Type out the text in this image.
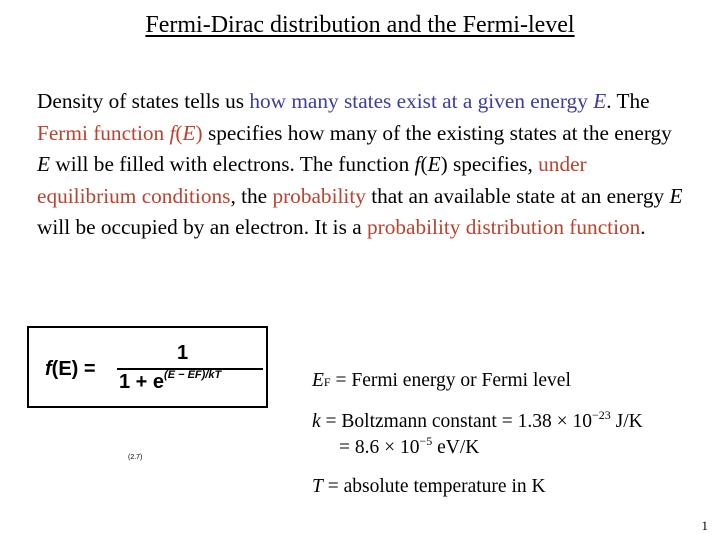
Fermi-Dirac distribution and the Fermi-level
Density of states tells us how many states exist at a given energy E. The Fermi function f(E) specifies how many of the existing states at the energy E will be filled with electrons. The function f(E) specifies, under equilibrium conditions, the probability that an available state at an energy E will be occupied by an electron. It is a probability distribution function.
f(E) =
1
$1 + e^{(E - EF)/kT}$
(2.7)
EF = Fermi energy or Fermi level
k = Boltzmann constant = $1.38 \times 10^{-23}$ J/K
= $8.6 \times 10^{-5}$ eV/K
T = absolute temperature in K
1
